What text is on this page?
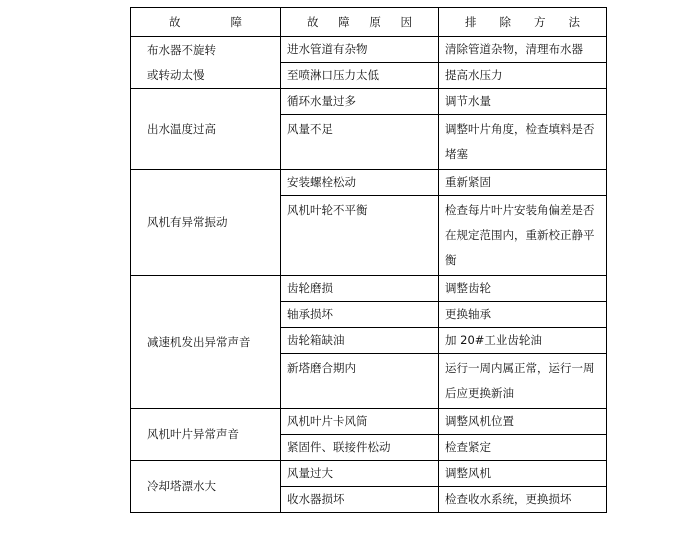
故 障	故 障 原 因	排 除 方 法

布水器不旋转
或转动太慢	进水管道有杂物	清除管道杂物，清理布水器
	至喷淋口压力太低	提高水压力
出水温度过高	循环水量过多	调节水量
	风量不足	调整叶片角度，检查填料是否堵塞
风机有异常振动	安装螺栓松动	重新紧固
	风机叶轮不平衡	检查每片叶片安装角偏差是否在规定范围内，重新校正静平衡
减速机发出异常声音	齿轮磨损	调整齿轮
	轴承损坏	更换轴承
	齿轮箱缺油	加 20#工业齿轮油
	新塔磨合期内	运行一周内属正常，运行一周后应更换新油
风机叶片异常声音	风机叶片卡风筒	调整风机位置
	紧固件、联接件松动	检查紧定
冷却塔漂水大	风量过大	调整风机
	收水器损坏	检查收水系统，更换损坏
